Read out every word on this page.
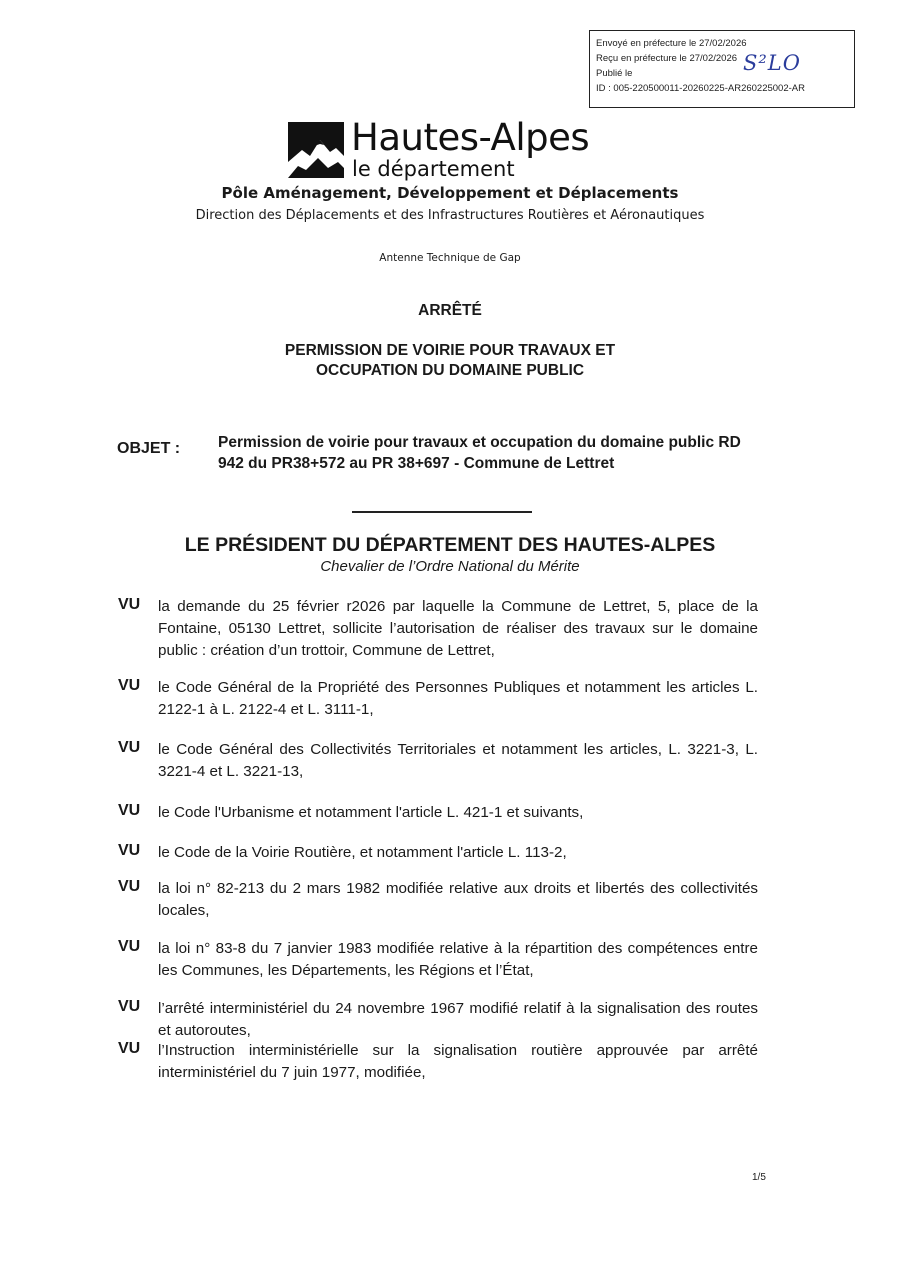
Envoyé en préfecture le 27/02/2026
Reçu en préfecture le 27/02/2026
Publié le
ID : 005-220500011-20260225-AR260225002-AR
S²LO
Hautes-Alpes
le département
Pôle Aménagement, Développement et Déplacements
Direction des Déplacements et des Infrastructures Routières et Aéronautiques
Antenne Technique de Gap
ARRÊTÉ
PERMISSION DE VOIRIE POUR TRAVAUX ET
OCCUPATION DU DOMAINE PUBLIC
OBJET : Permission de voirie pour travaux et occupation du domaine public RD 942 du PR38+572 au PR 38+697 - Commune de Lettret
LE PRÉSIDENT DU DÉPARTEMENT DES HAUTES-ALPES
Chevalier de l’Ordre National du Mérite
VU la demande du 25 février r2026 par laquelle la Commune de Lettret, 5, place de la Fontaine, 05130 Lettret, sollicite l’autorisation de réaliser des travaux sur le domaine public : création d’un trottoir, Commune de Lettret,
VU le Code Général de la Propriété des Personnes Publiques et notamment les articles L. 2122-1 à L. 2122-4 et L. 3111-1,
VU le Code Général des Collectivités Territoriales et notamment les articles, L. 3221-3, L. 3221-4 et L. 3221-13,
VU le Code l'Urbanisme et notamment l'article L. 421-1 et suivants,
VU le Code de la Voirie Routière, et notamment l'article L. 113-2,
VU la loi n° 82-213 du 2 mars 1982 modifiée relative aux droits et libertés des collectivités locales,
VU la loi n° 83-8 du 7 janvier 1983 modifiée relative à la répartition des compétences entre les Communes, les Départements, les Régions et l’État,
VU l’arrêté interministériel du 24 novembre 1967 modifié relatif à la signalisation des routes et autoroutes,
VU l’Instruction interministérielle sur la signalisation routière approuvée par arrêté interministériel du 7 juin 1977, modifiée,
1/5
